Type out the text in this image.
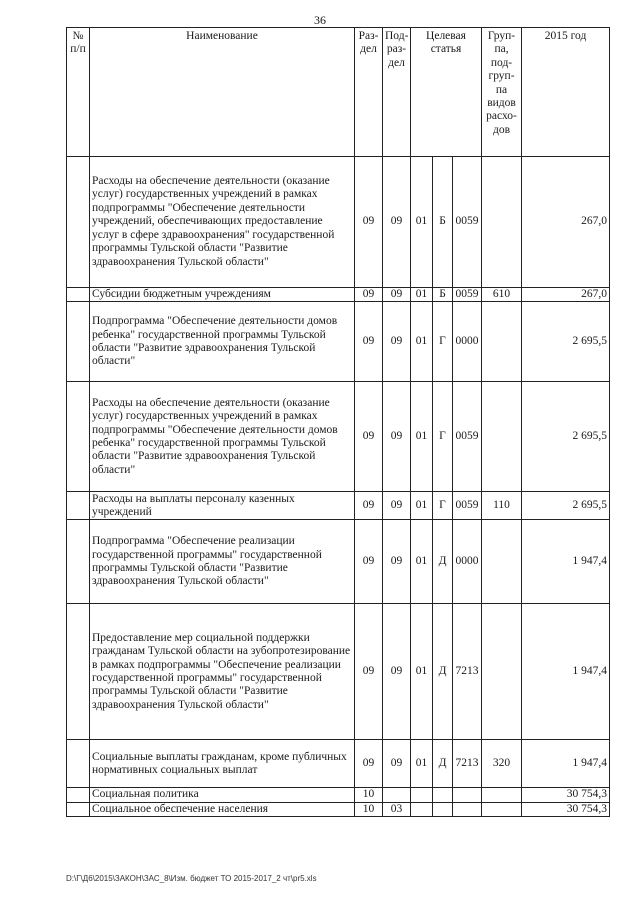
36
№ п/п	Наименование	Раз-дел	Под-раз-дел	Целевая статья			Груп-па, под-груп-па видов расхо-дов	2015 год
	Расходы на обеспечение деятельности (оказание услуг) государственных учреждений в рамках подпрограммы "Обеспечение деятельности учреждений, обеспечивающих предоставление услуг в сфере здравоохранения" государственной программы Тульской области "Развитие здравоохранения Тульской области"	09	09	01	Б	0059		267,0
	Субсидии бюджетным учреждениям	09	09	01	Б	0059	610	267,0
	Подпрограмма "Обеспечение деятельности домов ребенка" государственной программы Тульской области "Развитие здравоохранения Тульской области"	09	09	01	Г	0000		2 695,5
	Расходы на обеспечение деятельности (оказание услуг) государственных учреждений в рамках подпрограммы "Обеспечение деятельности домов ребенка" государственной программы Тульской области "Развитие здравоохранения Тульской области"	09	09	01	Г	0059		2 695,5
	Расходы на выплаты персоналу казенных учреждений	09	09	01	Г	0059	110	2 695,5
	Подпрограмма "Обеспечение реализации государственной программы" государственной программы Тульской области "Развитие здравоохранения Тульской области"	09	09	01	Д	0000		1 947,4
	Предоставление мер социальной поддержки гражданам Тульской области на зубопротезирование в рамках подпрограммы "Обеспечение реализации государственной программы" государственной программы Тульской области "Развитие здравоохранения Тульской области"	09	09	01	Д	7213		1 947,4
	Социальные выплаты гражданам, кроме публичных нормативных социальных выплат	09	09	01	Д	7213	320	1 947,4
	Социальная политика	10						30 754,3
	Социальное обеспечение населения	10	03					30 754,3
D:\Г\Д6\2015\ЗАКОН\ЗАС_8\Изм. бюджет ТО 2015-2017_2 чт\pr5.xls
